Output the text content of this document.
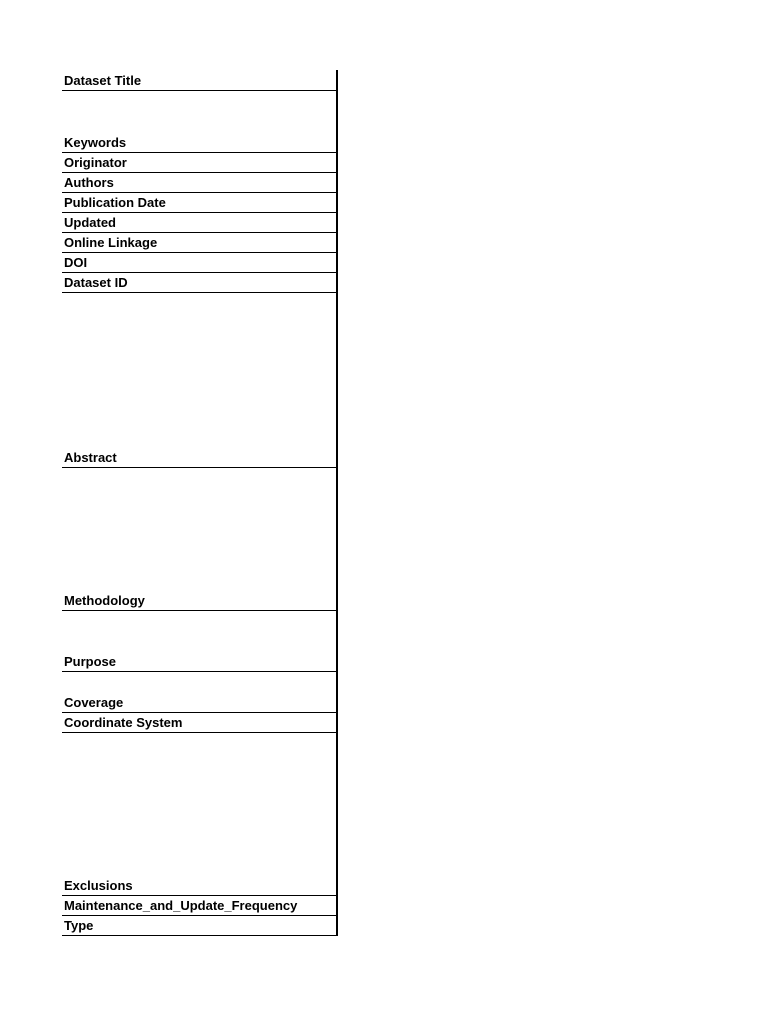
Dataset Title
Keywords
Originator
Authors
Publication Date
Updated
Online Linkage
DOI
Dataset ID
Abstract
Methodology
Purpose
Coverage
Coordinate System
Exclusions
Maintenance_and_Update_Frequency
Type
